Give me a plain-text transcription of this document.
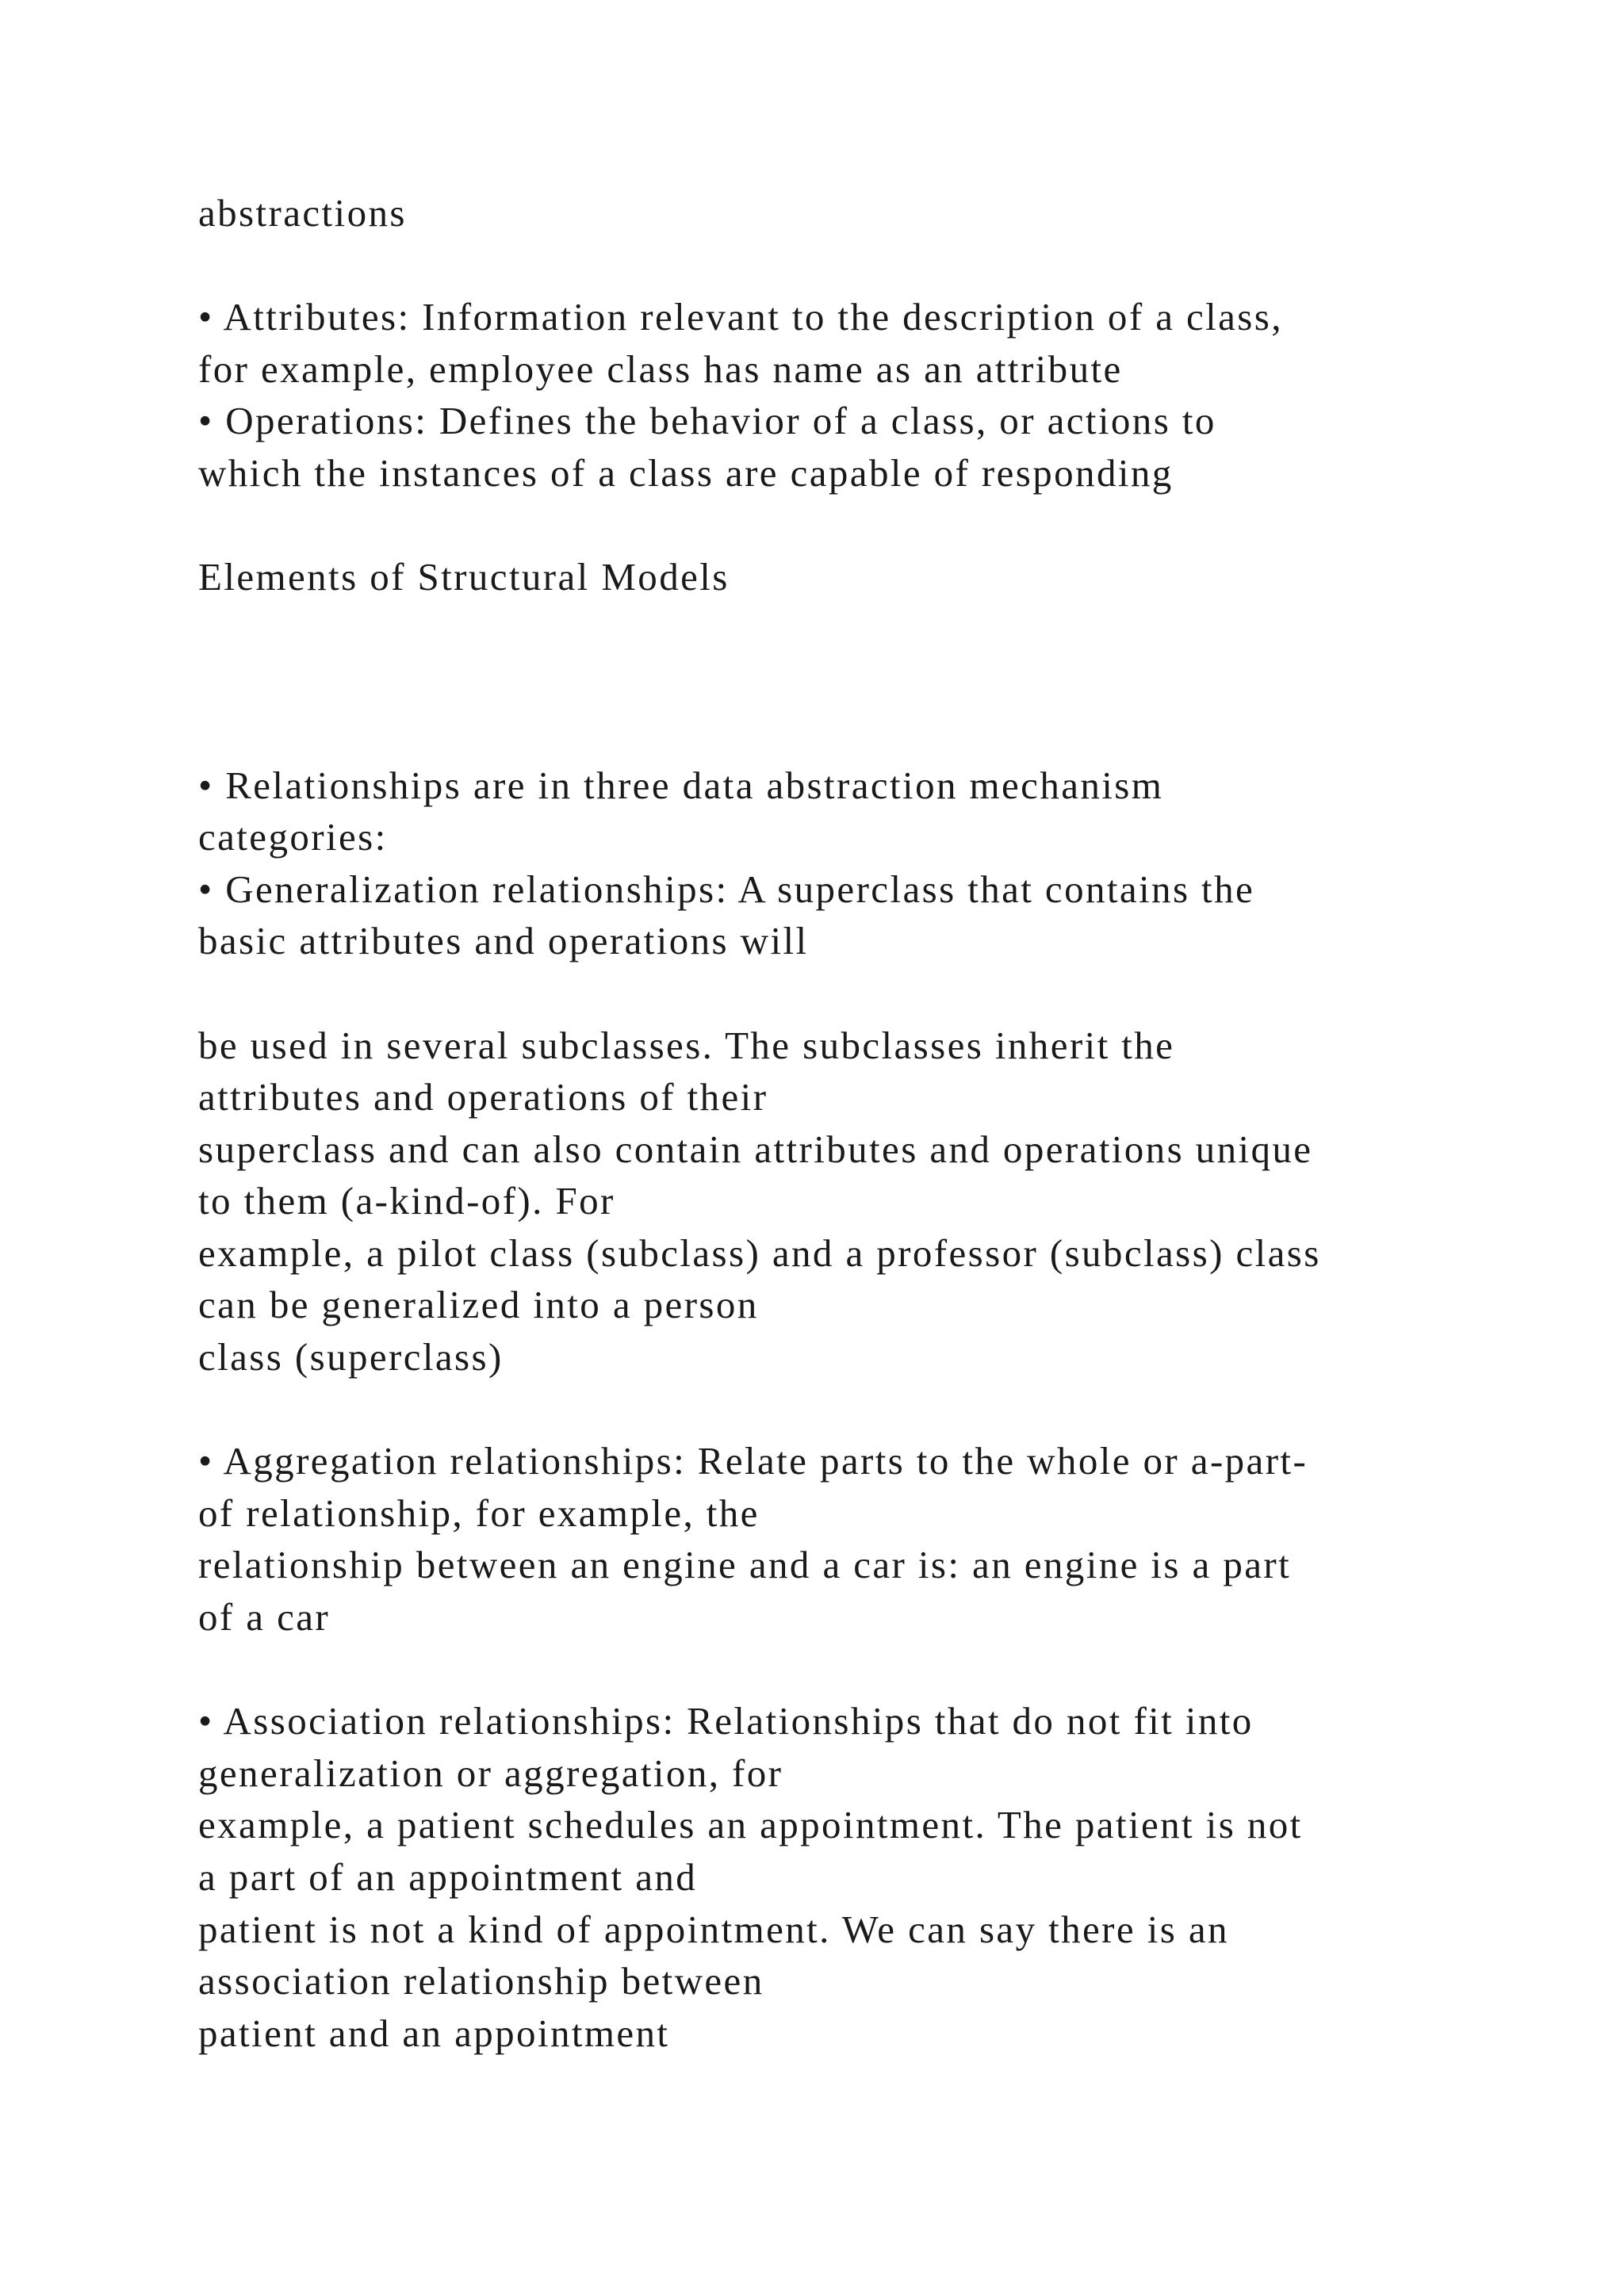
abstractions
• Attributes: Information relevant to the description of a class,
for example, employee class has name as an attribute
• Operations: Defines the behavior of a class, or actions to
which the instances of a class are capable of responding
Elements of Structural Models
• Relationships are in three data abstraction mechanism
categories:
• Generalization relationships: A superclass that contains the
basic attributes and operations will
be used in several subclasses. The subclasses inherit the
attributes and operations of their
superclass and can also contain attributes and operations unique
to them (a-kind-of). For
example, a pilot class (subclass) and a professor (subclass) class
can be generalized into a person
class (superclass)
• Aggregation relationships: Relate parts to the whole or a-part-
of relationship, for example, the
relationship between an engine and a car is: an engine is a part
of a car
• Association relationships: Relationships that do not fit into
generalization or aggregation, for
example, a patient schedules an appointment. The patient is not
a part of an appointment and
patient is not a kind of appointment. We can say there is an
association relationship between
patient and an appointment
